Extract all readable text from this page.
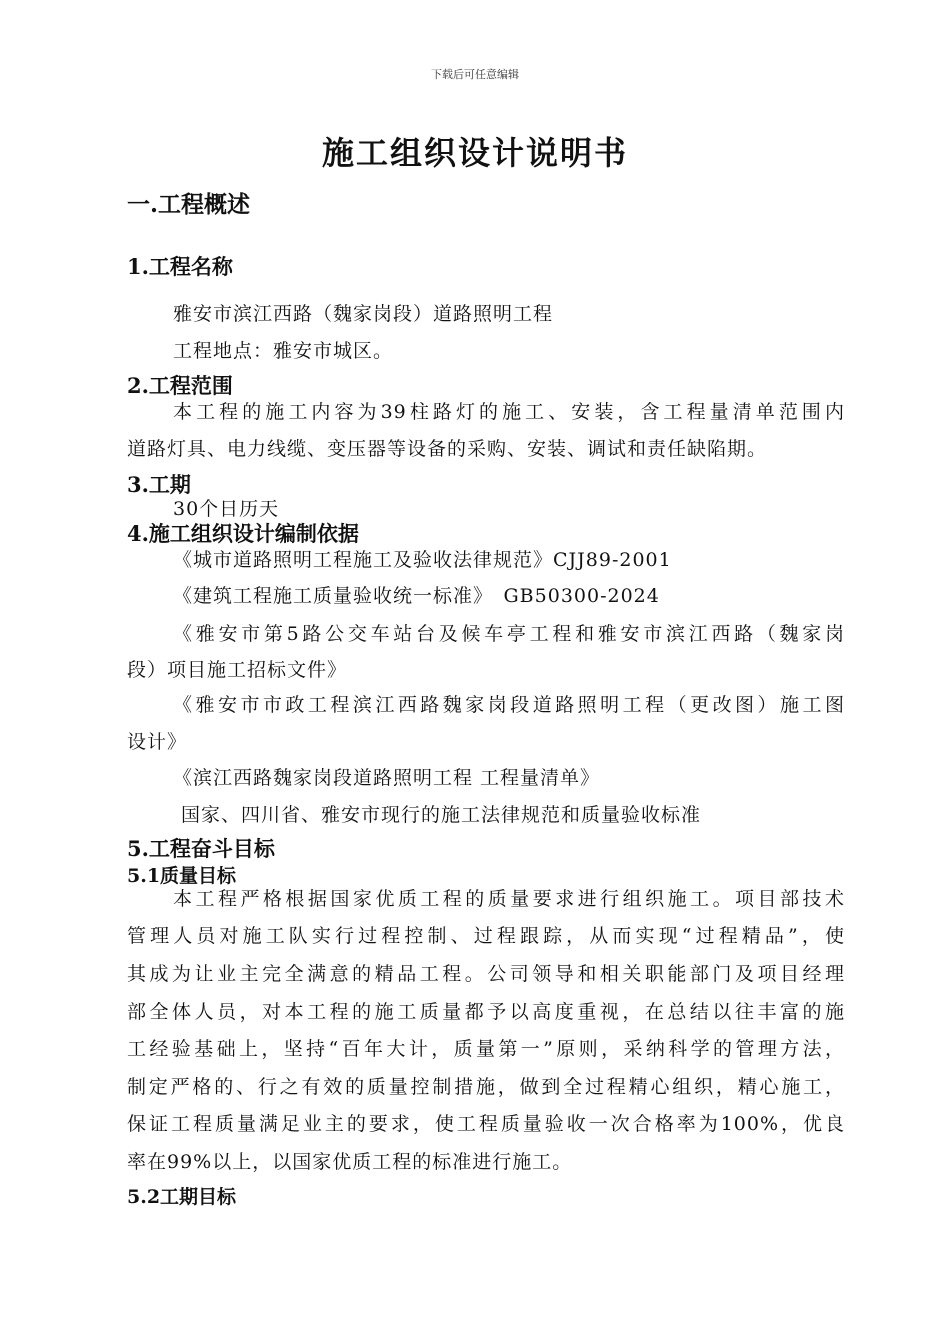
下载后可任意编辑
施工组织设计说明书
一.工程概述
1.工程名称
雅安市滨江西路（魏家岗段）道路照明工程
工程地点：雅安市城区。
2.工程范围
本工程的施工内容为39柱路灯的施工、安装，含工程量清单范围内
道路灯具、电力线缆、变压器等设备的采购、安装、调试和责任缺陷期。
3.工期
30个日历天
4.施工组织设计编制依据
《城市道路照明工程施工及验收法律规范》CJJ89-2001
《建筑工程施工质量验收统一标准》　GB50300-2024
《雅安市第5路公交车站台及候车亭工程和雅安市滨江西路（魏家岗
段）项目施工招标文件》
《雅安市市政工程滨江西路魏家岗段道路照明工程（更改图）施工图
设计》
《滨江西路魏家岗段道路照明工程 工程量清单》
国家、四川省、雅安市现行的施工法律规范和质量验收标准
5.工程奋斗目标
5.1质量目标
本工程严格根据国家优质工程的质量要求进行组织施工。项目部技术
管理人员对施工队实行过程控制、过程跟踪，从而实现“过程精品”，使
其成为让业主完全满意的精品工程。公司领导和相关职能部门及项目经理
部全体人员，对本工程的施工质量都予以高度重视，在总结以往丰富的施
工经验基础上，坚持“百年大计，质量第一”原则，采纳科学的管理方法，
制定严格的、行之有效的质量控制措施，做到全过程精心组织，精心施工，
保证工程质量满足业主的要求，使工程质量验收一次合格率为100%，优良
率在99%以上，以国家优质工程的标准进行施工。
5.2工期目标
